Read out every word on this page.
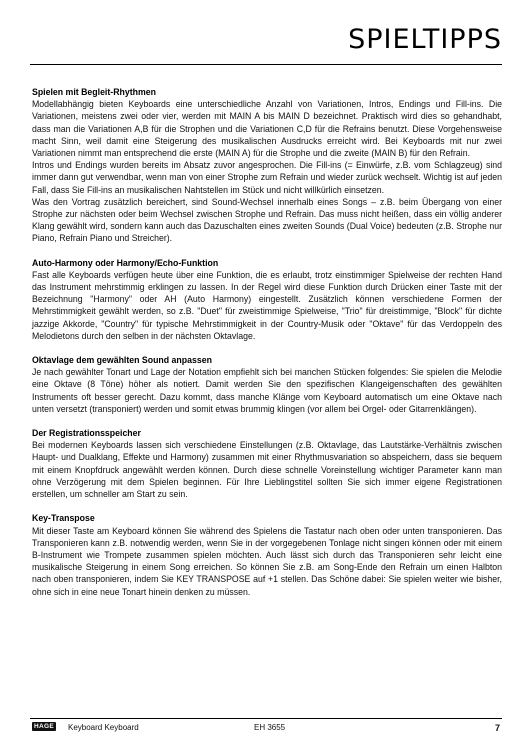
SPIELTIPPS
Spielen mit Begleit-Rhythmen

Modellabhängig bieten Keyboards eine unterschiedliche Anzahl von Variationen, Intros, Endings und Fill-ins. Die Variationen, meistens zwei oder vier, werden mit MAIN A bis MAIN D bezeichnet. Praktisch wird dies so gehandhabt, dass man die Variationen A,B für die Strophen und die Variationen C,D für die Refrains benutzt. Diese Vorgehensweise macht Sinn, weil damit eine Steigerung des musikalischen Ausdrucks erreicht wird. Bei Keyboards mit nur zwei Variationen nimmt man entsprechend die erste (MAIN A) für die Strophe und die zweite (MAIN B) für den Refrain.

Intros und Endings wurden bereits im Absatz zuvor angesprochen. Die Fill-ins (= Einwürfe, z.B. vom Schlagzeug) sind immer dann gut verwendbar, wenn man von einer Strophe zum Refrain und wieder zurück wechselt. Wichtig ist auf jeden Fall, dass Sie Fill-ins an musikalischen Nahtstellen im Stück und nicht willkürlich einsetzen.

Was den Vortrag zusätzlich bereichert, sind Sound-Wechsel innerhalb eines Songs – z.B. beim Übergang von einer Strophe zur nächsten oder beim Wechsel zwischen Strophe und Refrain. Das muss nicht heißen, dass ein völlig anderer Klang gewählt wird, sondern kann auch das Dazuschalten eines zweiten Sounds (Dual Voice) bedeuten (z.B. Strophe nur Piano, Refrain Piano und Streicher).

Auto-Harmony oder Harmony/Echo-Funktion

Fast alle Keyboards verfügen heute über eine Funktion, die es erlaubt, trotz einstimmiger Spielweise der rechten Hand das Instrument mehrstimmig erklingen zu lassen. In der Regel wird diese Funktion durch Drücken einer Taste mit der Bezeichnung "Harmony" oder AH (Auto Harmony) eingestellt. Zusätzlich können verschiedene Formen der Mehrstimmigkeit gewählt werden, so z.B. "Duet" für zweistimmige Spielweise, "Trio" für dreistimmige, "Block" für dichte jazzige Akkorde, "Country" für typische Mehrstimmigkeit in der Country-Musik oder "Oktave" für das Verdoppeln des Melodietons durch den selben in der nächsten Oktavlage.

Oktavlage dem gewählten Sound anpassen

Je nach gewählter Tonart und Lage der Notation empfiehlt sich bei manchen Stücken folgendes: Sie spielen die Melodie eine Oktave (8 Töne) höher als notiert. Damit werden Sie den spezifischen Klangeigenschaften des gewählten Instruments oft besser gerecht. Dazu kommt, dass manche Klänge vom Keyboard automatisch um eine Oktave nach unten versetzt (transponiert) werden und somit etwas brummig klingen (vor allem bei Orgel- oder Gitarrenklängen).

Der Registrationsspeicher

Bei modernen Keyboards lassen sich verschiedene Einstellungen (z.B. Oktavlage, das Lautstärke-Verhältnis zwischen Haupt- und Dualklang, Effekte und Harmony) zusammen mit einer Rhythmusvariation so abspeichern, dass sie bequem mit einem Knopfdruck angewählt werden können. Durch diese schnelle Voreinstellung wichtiger Parameter kann man ohne Verzögerung mit dem Spielen beginnen. Für Ihre Lieblingstitel sollten Sie sich immer eigene Registrationen erstellen, um schneller am Start zu sein.

Key-Transpose

Mit dieser Taste am Keyboard können Sie während des Spielens die Tastatur nach oben oder unten transponieren. Das Transponieren kann z.B. notwendig werden, wenn Sie in der vorgegebenen Tonlage nicht singen können oder mit einem B-Instrument wie Trompete zusammen spielen möchten. Auch lässt sich durch das Transponieren sehr leicht eine musikalische Steigerung in einem Song erreichen. So können Sie z.B. am Song-Ende den Refrain um einen Halbton nach oben transponieren, indem Sie KEY TRANSPOSE auf +1 stellen. Das Schöne dabei: Sie spielen weiter wie bisher, ohne sich in eine neue Tonart hinein denken zu müssen.

HAGE Keyboard Keyboard	EH 3655	7
